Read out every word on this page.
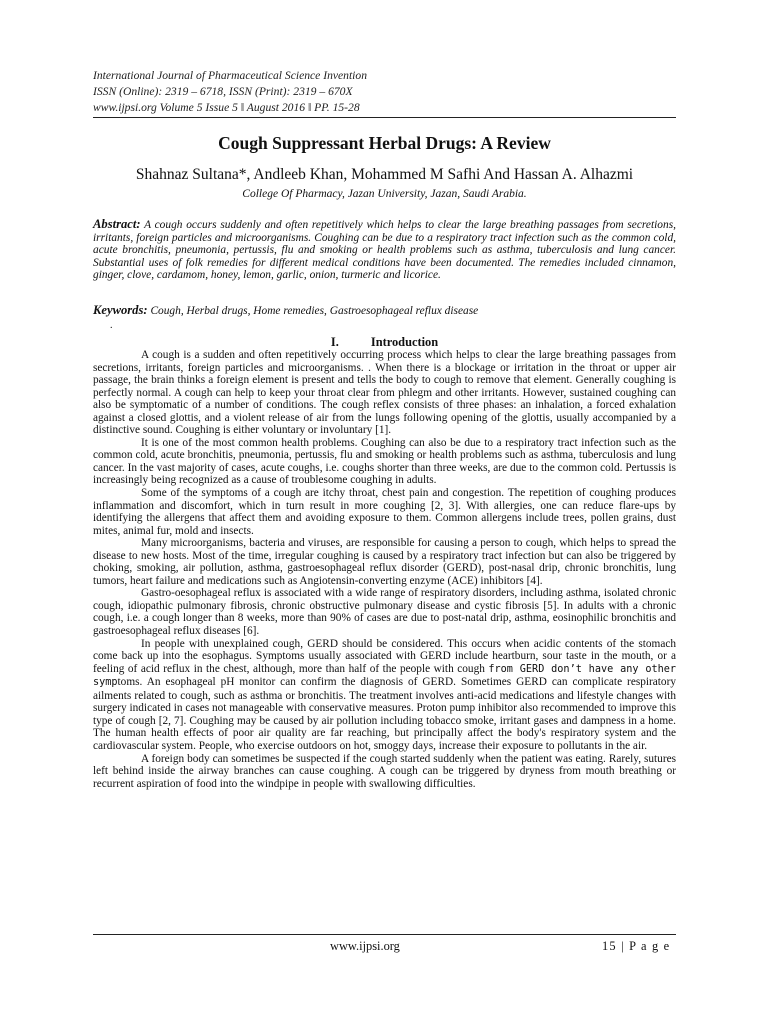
International Journal of Pharmaceutical Science Invention
ISSN (Online): 2319 – 6718, ISSN (Print): 2319 – 670X
www.ijpsi.org Volume 5 Issue 5 ǁ August 2016 ǁ PP. 15-28
Cough Suppressant Herbal Drugs: A Review
Shahnaz Sultana*, Andleeb Khan, Mohammed M Safhi And Hassan A. Alhazmi
College Of Pharmacy, Jazan University, Jazan, Saudi Arabia.
Abstract: A cough occurs suddenly and often repetitively which helps to clear the large breathing passages from secretions, irritants, foreign particles and microorganisms. Coughing can be due to a respiratory tract infection such as the common cold, acute bronchitis, pneumonia, pertussis, flu and smoking or health problems such as asthma, tuberculosis and lung cancer. Substantial uses of folk remedies for different medical conditions have been documented. The remedies included cinnamon, ginger, clove, cardamom, honey, lemon, garlic, onion, turmeric and licorice.
Keywords: Cough, Herbal drugs, Home remedies, Gastroesophageal reflux disease
.
I.	Introduction

A cough is a sudden and often repetitively occurring process which helps to clear the large breathing passages from secretions, irritants, foreign particles and microorganisms. . When there is a blockage or irritation in the throat or upper air passage, the brain thinks a foreign element is present and tells the body to cough to remove that element. Generally coughing is perfectly normal. A cough can help to keep your throat clear from phlegm and other irritants. However, sustained coughing can also be symptomatic of a number of conditions. The cough reflex consists of three phases: an inhalation, a forced exhalation against a closed glottis, and a violent release of air from the lungs following opening of the glottis, usually accompanied by a distinctive sound. Coughing is either voluntary or involuntary [1].

It is one of the most common health problems. Coughing can also be due to a respiratory tract infection such as the common cold, acute bronchitis, pneumonia, pertussis, flu and smoking or health problems such as asthma, tuberculosis and lung cancer. In the vast majority of cases, acute coughs, i.e. coughs shorter than three weeks, are due to the common cold. Pertussis is increasingly being recognized as a cause of troublesome coughing in adults.

Some of the symptoms of a cough are itchy throat, chest pain and congestion. The repetition of coughing produces inflammation and discomfort, which in turn result in more coughing [2, 3]. With allergies, one can reduce flare-ups by identifying the allergens that affect them and avoiding exposure to them. Common allergens include trees, pollen grains, dust mites, animal fur, mold and insects.

Many microorganisms, bacteria and viruses, are responsible for causing a person to cough, which helps to spread the disease to new hosts. Most of the time, irregular coughing is caused by a respiratory tract infection but can also be triggered by choking, smoking, air pollution, asthma, gastroesophageal reflux disorder (GERD), post-nasal drip, chronic bronchitis, lung tumors, heart failure and medications such as Angiotensin-converting enzyme (ACE) inhibitors [4].

Gastro-oesophageal reflux is associated with a wide range of respiratory disorders, including asthma, isolated chronic cough, idiopathic pulmonary fibrosis, chronic obstructive pulmonary disease and cystic fibrosis [5]. In adults with a chronic cough, i.e. a cough longer than 8 weeks, more than 90% of cases are due to post-natal drip, asthma, eosinophilic bronchitis and gastroesophageal reflux diseases [6].

In people with unexplained cough, GERD should be considered. This occurs when acidic contents of the stomach come back up into the esophagus. Symptoms usually associated with GERD include heartburn, sour taste in the mouth, or a feeling of acid reflux in the chest, although, more than half of the people with cough from GERD don’t have any other symptoms. An esophageal pH monitor can confirm the diagnosis of GERD. Sometimes GERD can complicate respiratory ailments related to cough, such as asthma or bronchitis. The treatment involves anti-acid medications and lifestyle changes with surgery indicated in cases not manageable with conservative measures. Proton pump inhibitor also recommended to improve this type of cough [2, 7]. Coughing may be caused by air pollution including tobacco smoke, irritant gases and dampness in a home. The human health effects of poor air quality are far reaching, but principally affect the body's respiratory system and the cardiovascular system. People, who exercise outdoors on hot, smoggy days, increase their exposure to pollutants in the air.

A foreign body can sometimes be suspected if the cough started suddenly when the patient was eating. Rarely, sutures left behind inside the airway branches can cause coughing. A cough can be triggered by dryness from mouth breathing or recurrent aspiration of food into the windpipe in people with swallowing difficulties.

www.ijpsi.org	15 | P a g e
